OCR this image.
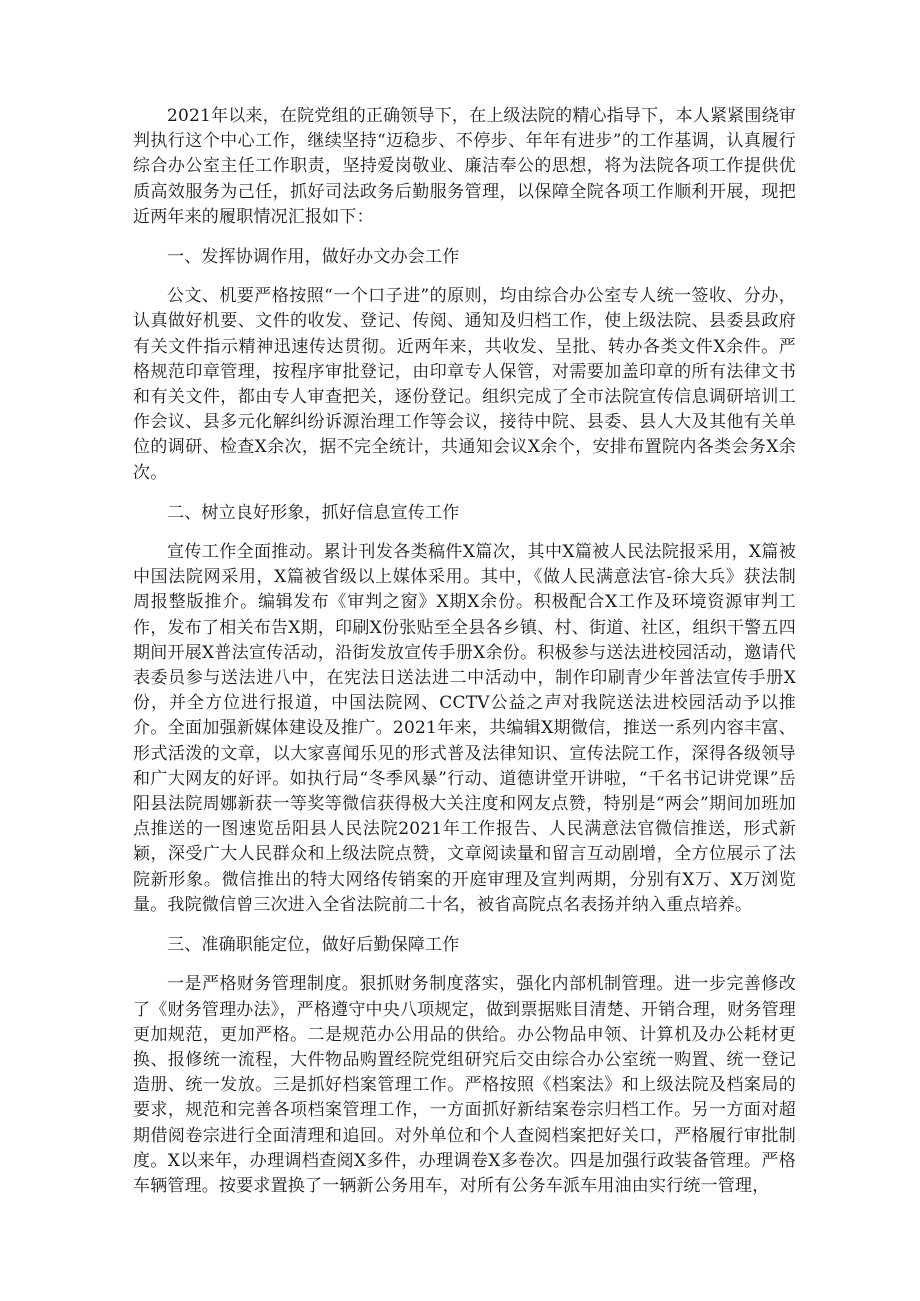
2021年以来，在院党组的正确领导下，在上级法院的精心指导下，本人紧紧围绕审判执行这个中心工作，继续坚持“迈稳步、不停步、年年有进步”的工作基调，认真履行综合办公室主任工作职责，坚持爱岗敬业、廉洁奉公的思想，将为法院各项工作提供优质高效服务为己任，抓好司法政务后勤服务管理，以保障全院各项工作顺利开展，现把近两年来的履职情况汇报如下：

一、发挥协调作用，做好办文办会工作

公文、机要严格按照“一个口子进”的原则，均由综合办公室专人统一签收、分办，认真做好机要、文件的收发、登记、传阅、通知及归档工作，使上级法院、县委县政府有关文件指示精神迅速传达贯彻。近两年来，共收发、呈批、转办各类文件X余件。严格规范印章管理，按程序审批登记，由印章专人保管，对需要加盖印章的所有法律文书和有关文件，都由专人审查把关，逐份登记。组织完成了全市法院宣传信息调研培训工作会议、县多元化解纠纷诉源治理工作等会议，接待中院、县委、县人大及其他有关单位的调研、检查X余次，据不完全统计，共通知会议X余个，安排布置院内各类会务X余次。

二、树立良好形象，抓好信息宣传工作

宣传工作全面推动。累计刊发各类稿件X篇次，其中X篇被人民法院报采用，X篇被中国法院网采用，X篇被省级以上媒体采用。其中，《做人民满意法官-徐大兵》获法制周报整版推介。编辑发布《审判之窗》X期X余份。积极配合X工作及环境资源审判工作，发布了相关布告X期，印刷X份张贴至全县各乡镇、村、街道、社区，组织干警五四期间开展X普法宣传活动，沿街发放宣传手册X余份。积极参与送法进校园活动，邀请代表委员参与送法进八中，在宪法日送法进二中活动中，制作印刷青少年普法宣传手册X份，并全方位进行报道，中国法院网、CCTV公益之声对我院送法进校园活动予以推介。全面加强新媒体建设及推广。2021年来，共编辑X期微信，推送一系列内容丰富、形式活泼的文章，以大家喜闻乐见的形式普及法律知识、宣传法院工作，深得各级领导和广大网友的好评。如执行局“冬季风暴”行动、道德讲堂开讲啦，“千名书记讲党课”岳阳县法院周娜新获一等奖等微信获得极大关注度和网友点赞，特别是“两会”期间加班加点推送的一图速览岳阳县人民法院2021年工作报告、人民满意法官微信推送，形式新颖，深受广大人民群众和上级法院点赞，文章阅读量和留言互动剧增，全方位展示了法院新形象。微信推出的特大网络传销案的开庭审理及宣判两期，分别有X万、X万浏览量。我院微信曾三次进入全省法院前二十名，被省高院点名表扬并纳入重点培养。

三、准确职能定位，做好后勤保障工作

一是严格财务管理制度。狠抓财务制度落实，强化内部机制管理。进一步完善修改了《财务管理办法》，严格遵守中央八项规定，做到票据账目清楚、开销合理，财务管理更加规范，更加严格。二是规范办公用品的供给。办公物品申领、计算机及办公耗材更换、报修统一流程，大件物品购置经院党组研究后交由综合办公室统一购置、统一登记造册、统一发放。三是抓好档案管理工作。严格按照《档案法》和上级法院及档案局的要求，规范和完善各项档案管理工作，一方面抓好新结案卷宗归档工作。另一方面对超期借阅卷宗进行全面清理和追回。对外单位和个人查阅档案把好关口，严格履行审批制度。X以来年，办理调档查阅X多件，办理调卷X多卷次。四是加强行政装备管理。严格车辆管理。按要求置换了一辆新公务用车，对所有公务车派车用油由实行统一管理，
